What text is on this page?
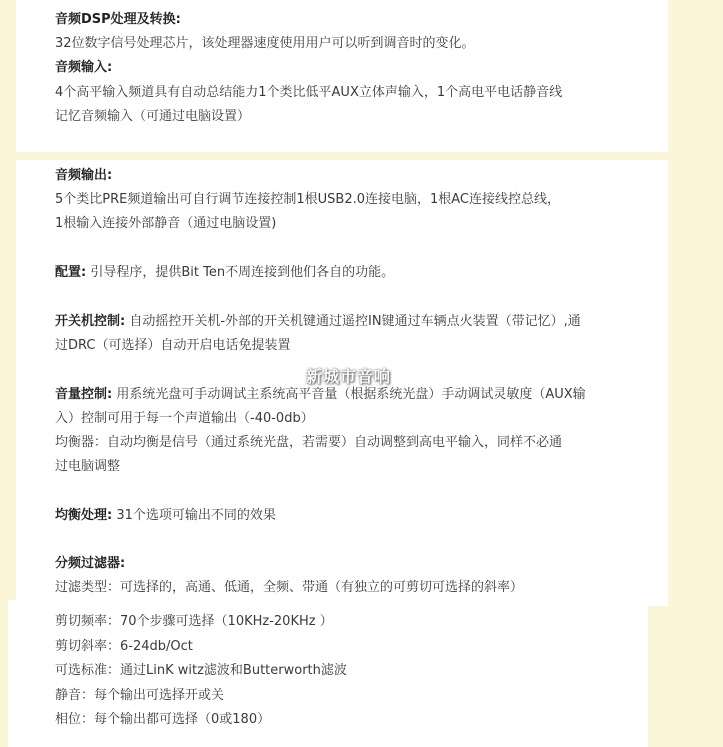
音频DSP处理及转换:
32位数字信号处理芯片，该处理器速度使用用户可以听到调音时的变化。
音频输入:
4个高平输入频道具有自动总结能力1个类比低平AUX立体声输入，1个高电平电话静音线
记忆音频输入（可通过电脑设置）
音频输出:
5个类比PRE频道输出可自行调节连接控制1根USB2.0连接电脑，1根AC连接线控总线，
1根输入连接外部静音（通过电脑设置)
配置: 引导程序，提供Bit Ten不周连接到他们各自的功能。
开关机控制: 自动摇控开关机-外部的开关机键通过遥控IN键通过车辆点火装置（带记忆）,通
过DRC（可选择）自动开启电话免提装置
新城市音响
音量控制: 用系统光盘可手动调试主系统高平音量（根据系统光盘）手动调试灵敏度（AUX输
入）控制可用于每一个声道输出（-40-0db）
均衡器：自动均衡是信号（通过系统光盘，若需要）自动调整到高电平输入，同样不必通
过电脑调整
均衡处理: 31个选项可输出不同的效果
分频过滤器:
过滤类型：可选择的，高通、低通，全频、带通（有独立的可剪切可选择的斜率）
剪切频率：70个步骤可选择（10KHz-20KHz ）
剪切斜率：6-24db/Oct
可选标准：通过LinK witz滤波和Butterworth滤波
静音：每个输出可选择开或关
相位：每个输出都可选择（0或180）
